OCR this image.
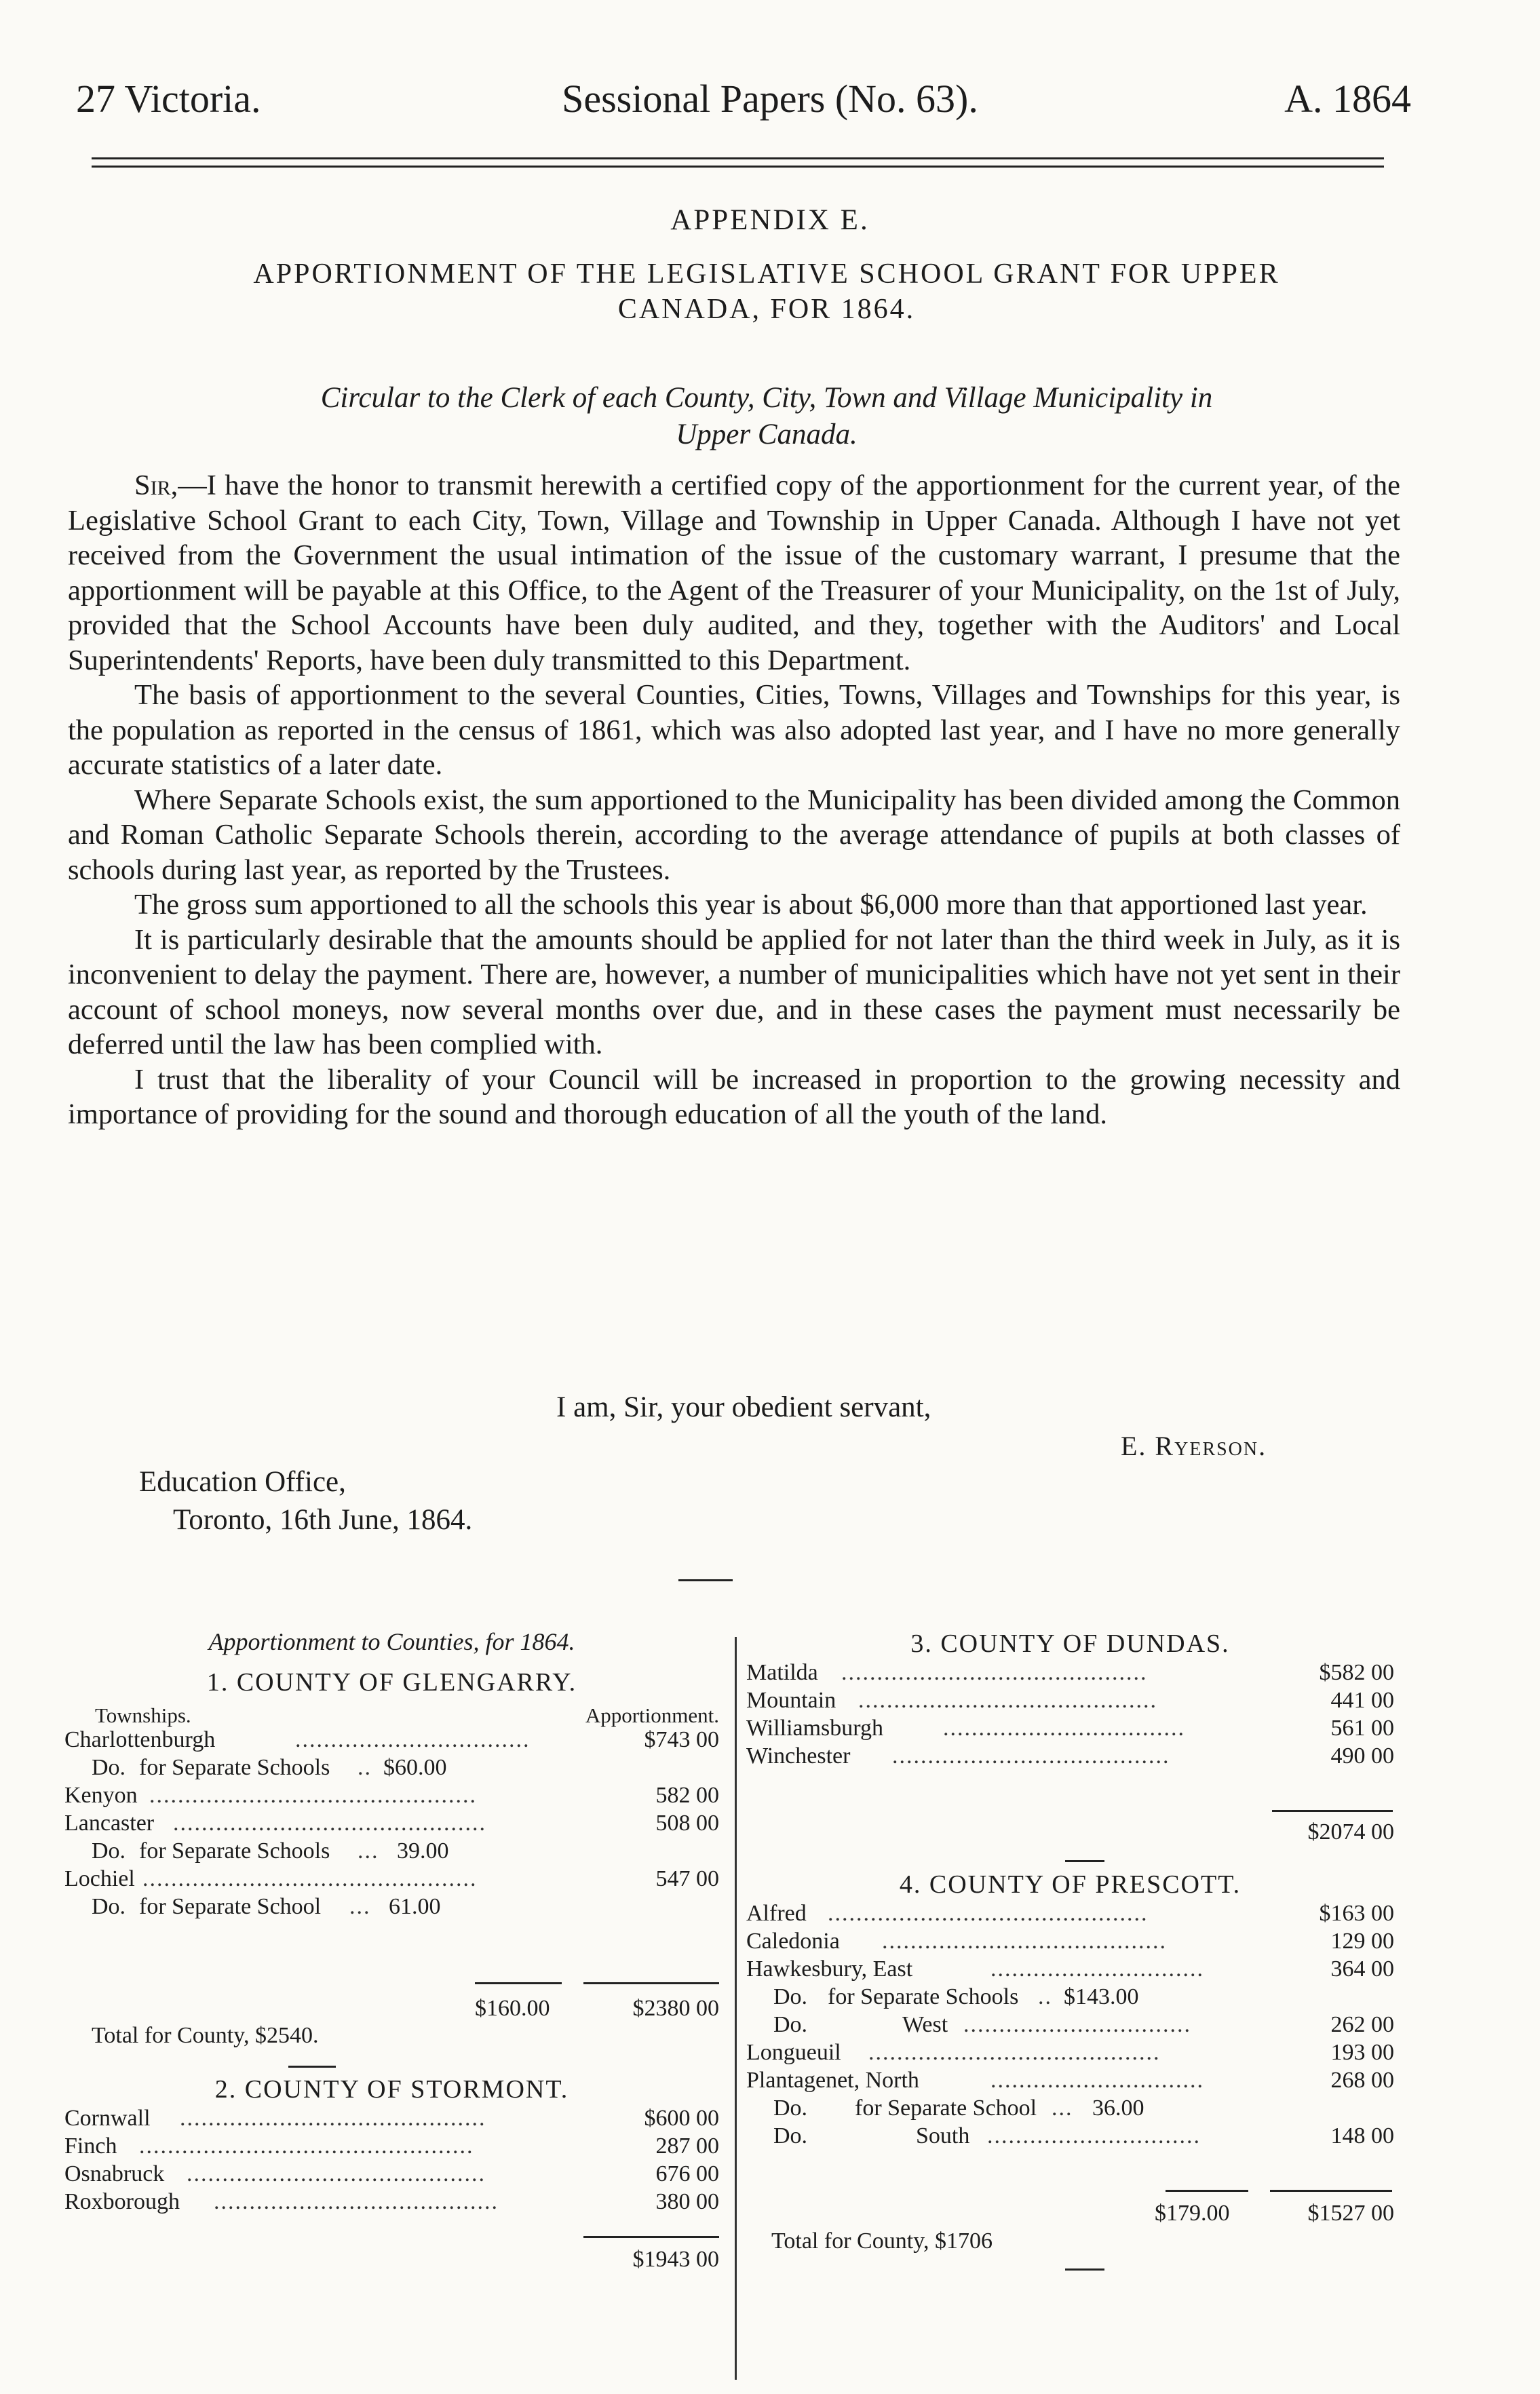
27 Victoria.	Sessional Papers (No. 63).	A. 1864
APPENDIX E.
APPORTIONMENT OF THE LEGISLATIVE SCHOOL GRANT FOR UPPER
CANADA, FOR 1864.
Circular to the Clerk of each County, City, Town and Village Municipality in
Upper Canada.

Sir,—I have the honor to transmit herewith a certified copy of the apportionment for the current year, of the Legislative School Grant to each City, Town, Village and Township in Upper Canada. Although I have not yet received from the Government the usual intimation of the issue of the customary warrant, I presume that the apportionment will be payable at this Office, to the Agent of the Treasurer of your Municipality, on the 1st of July, provided that the School Accounts have been duly audited, and they, together with the Auditors' and Local Superintendents' Reports, have been duly transmitted to this Department.

The basis of apportionment to the several Counties, Cities, Towns, Villages and Townships for this year, is the population as reported in the census of 1861, which was also adopted last year, and I have no more generally accurate statistics of a later date.

Where Separate Schools exist, the sum apportioned to the Municipality has been divided among the Common and Roman Catholic Separate Schools therein, according to the average attendance of pupils at both classes of schools during last year, as reported by the Trustees.

The gross sum apportioned to all the schools this year is about $6,000 more than that apportioned last year.

It is particularly desirable that the amounts should be applied for not later than the third week in July, as it is inconvenient to delay the payment. There are, however, a number of municipalities which have not yet sent in their account of school moneys, now several months over due, and in these cases the payment must necessarily be deferred until the law has been complied with.

I trust that the liberality of your Council will be increased in proportion to the growing necessity and importance of providing for the sound and thorough education of all the youth of the land.

I am, Sir, your obedient servant,
E. Ryerson.
Education Office,
Toronto, 16th June, 1864.
Apportionment to Counties, for 1864.
1. COUNTY OF GLENGARRY.
Townships.	Apportionment.
Charlottenburgh	.................................	$743 00
Do. for Separate Schools .. $60.00
Kenyon ..............................................	582 00
Lancaster ............................................	508 00
Do. for Separate Schools ... 39.00
Lochiel ...............................................	547 00
Do. for Separate School ... 61.00
$160.00	$2380 00
Total for County, $2540.
2. COUNTY OF STORMONT.
Cornwall ...........................................	$600 00
Finch ...............................................	287 00
Osnabruck ..........................................	676 00
Roxborough ........................................	380 00
$1943 00
3. COUNTY OF DUNDAS.
Matilda ...........................................	$582 00
Mountain ..........................................	441 00
Williamsburgh	..................................	561 00
Winchester .......................................	490 00
$2074 00
4. COUNTY OF PRESCOTT.
Alfred .............................................	$163 00
Caledonia ........................................	129 00
Hawkesbury, East	..............................	364 00
Do. for Separate Schools .. $143.00
Do.	West ................................	262 00
Longueuil .........................................	193 00
Plantagenet, North	..............................	268 00
Do. for Separate School ... 36.00
Do.	South ..............................	148 00
$179.00	$1527 00
Total for County, $1706
